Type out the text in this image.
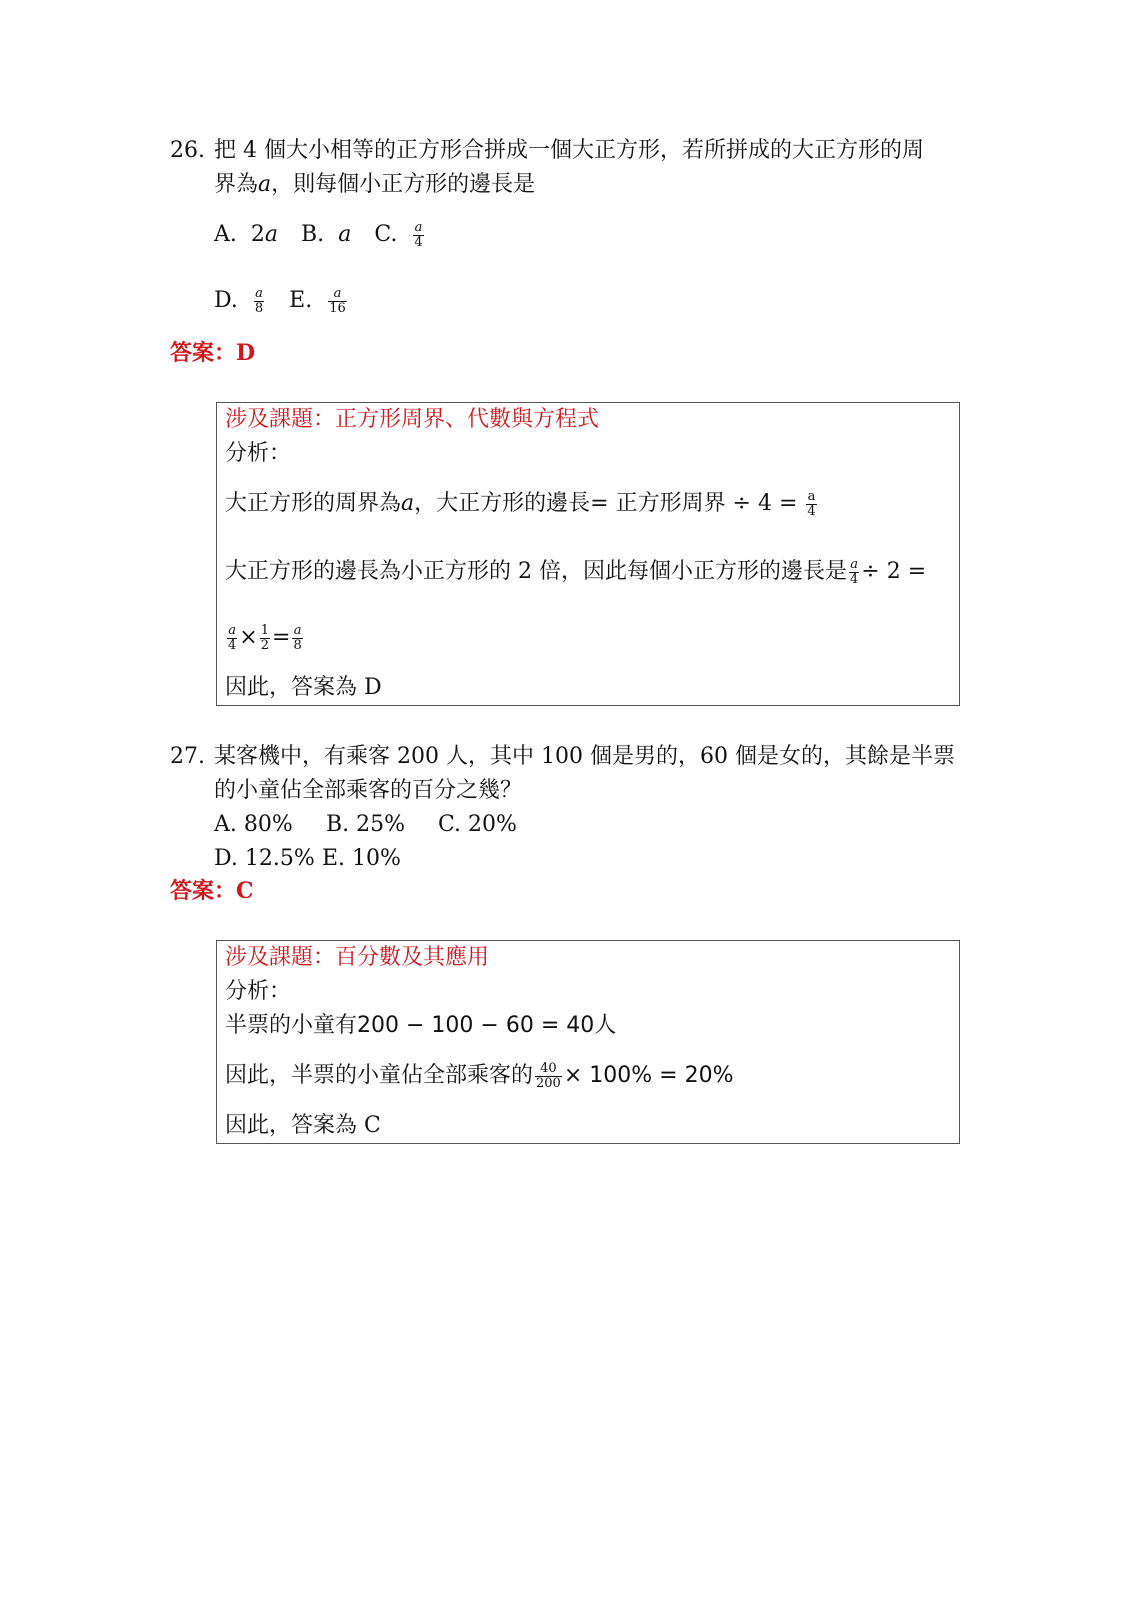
26. 把 4 個大小相等的正方形合拼成一個大正方形，若所拼成的大正方形的周
界為a，則每個小正方形的邊長是
A. 2a B. a C. $\frac{a}{4}$
D. $\frac{a}{8} E$. $\frac{a}{16}$
答案：D
涉及課題：正方形周界、代數與方程式
分析：
大正方形的周界為a，大正方形的邊長= 正方形周界 ÷ $4 = \frac{a}{4}$
大正方形的邊長為小正方形的 2 倍，因此每個小正方形的邊長是 $\frac{a}{4} \div 2$ =
$\frac{a}{4} \times \frac{1}{2} = \frac{a}{8}$
因此，答案為 D
27. 某客機中，有乘客 200 人，其中 100 個是男的，60 個是女的，其餘是半票
的小童佔全部乘客的百分之幾？
A. 80% B. 25% C. 20%
D. 12.5% E. 10%
答案：C
涉及課題：百分數及其應用
分析：
半票的小童有200 − 100 − 60 = 40人
因此，半票的小童佔全部乘客的 $\frac{40}{200} \times 100\% = 20\%$
因此，答案為 C
